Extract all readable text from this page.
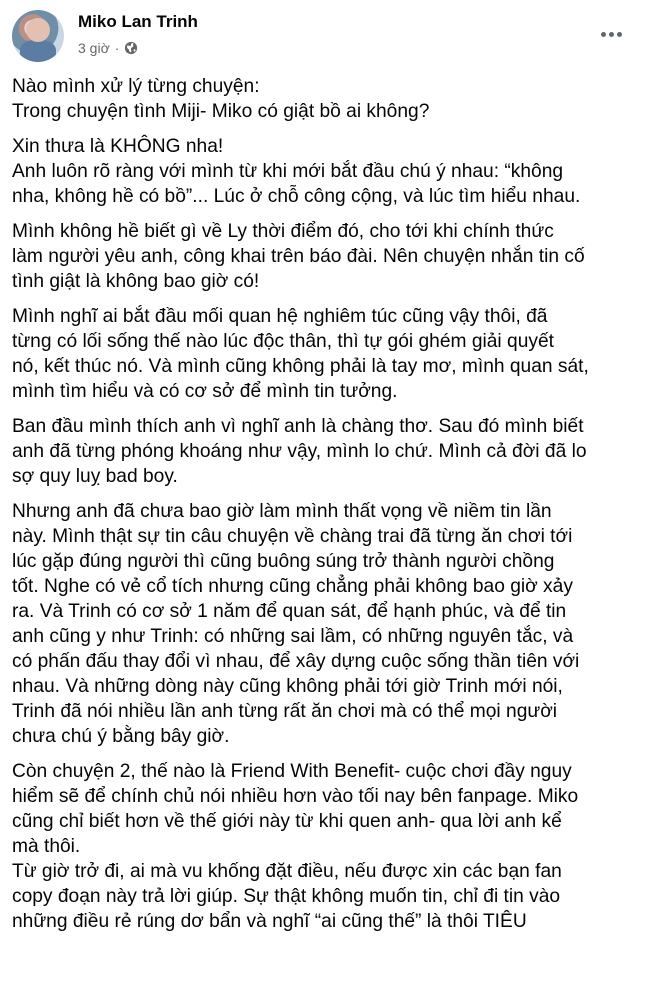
Miko Lan Trinh
3 giờ ·
Nào mình xử lý từng chuyện:
Trong chuyện tình Miji- Miko có giật bồ ai không?
Xin thưa là KHÔNG nha!
Anh luôn rõ ràng với mình từ khi mới bắt đầu chú ý nhau: “không
nha, không hề có bồ”... Lúc ở chỗ công cộng, và lúc tìm hiểu nhau.
Mình không hề biết gì về Ly thời điểm đó, cho tới khi chính thức
làm người yêu anh, công khai trên báo đài. Nên chuyện nhắn tin cố
tình giật là không bao giờ có!
Mình nghĩ ai bắt đầu mối quan hệ nghiêm túc cũng vậy thôi, đã
từng có lối sống thế nào lúc độc thân, thì tự gói ghém giải quyết
nó, kết thúc nó. Và mình cũng không phải là tay mơ, mình quan sát,
mình tìm hiểu và có cơ sở để mình tin tưởng.
Ban đầu mình thích anh vì nghĩ anh là chàng thơ. Sau đó mình biết
anh đã từng phóng khoáng như vậy, mình lo chứ. Mình cả đời đã lo
sợ quy luỵ bad boy.
Nhưng anh đã chưa bao giờ làm mình thất vọng về niềm tin lần
này. Mình thật sự tin câu chuyện về chàng trai đã từng ăn chơi tới
lúc gặp đúng người thì cũng buông súng trở thành người chồng
tốt. Nghe có vẻ cổ tích nhưng cũng chẳng phải không bao giờ xảy
ra. Và Trinh có cơ sở 1 năm để quan sát, để hạnh phúc, và để tin
anh cũng y như Trinh: có những sai lầm, có những nguyên tắc, và
có phấn đấu thay đổi vì nhau, để xây dựng cuộc sống thần tiên với
nhau. Và những dòng này cũng không phải tới giờ Trinh mới nói,
Trinh đã nói nhiều lần anh từng rất ăn chơi mà có thể mọi người
chưa chú ý bằng bây giờ.
Còn chuyện 2, thế nào là Friend With Benefit- cuộc chơi đầy nguy
hiểm sẽ để chính chủ nói nhiều hơn vào tối nay bên fanpage. Miko
cũng chỉ biết hơn về thế giới này từ khi quen anh- qua lời anh kể
mà thôi.
Từ giờ trở đi, ai mà vu khống đặt điều, nếu được xin các bạn fan
copy đoạn này trả lời giúp. Sự thật không muốn tin, chỉ đi tin vào
những điều rẻ rúng dơ bẩn và nghĩ “ai cũng thế” là thôi TIÊU
